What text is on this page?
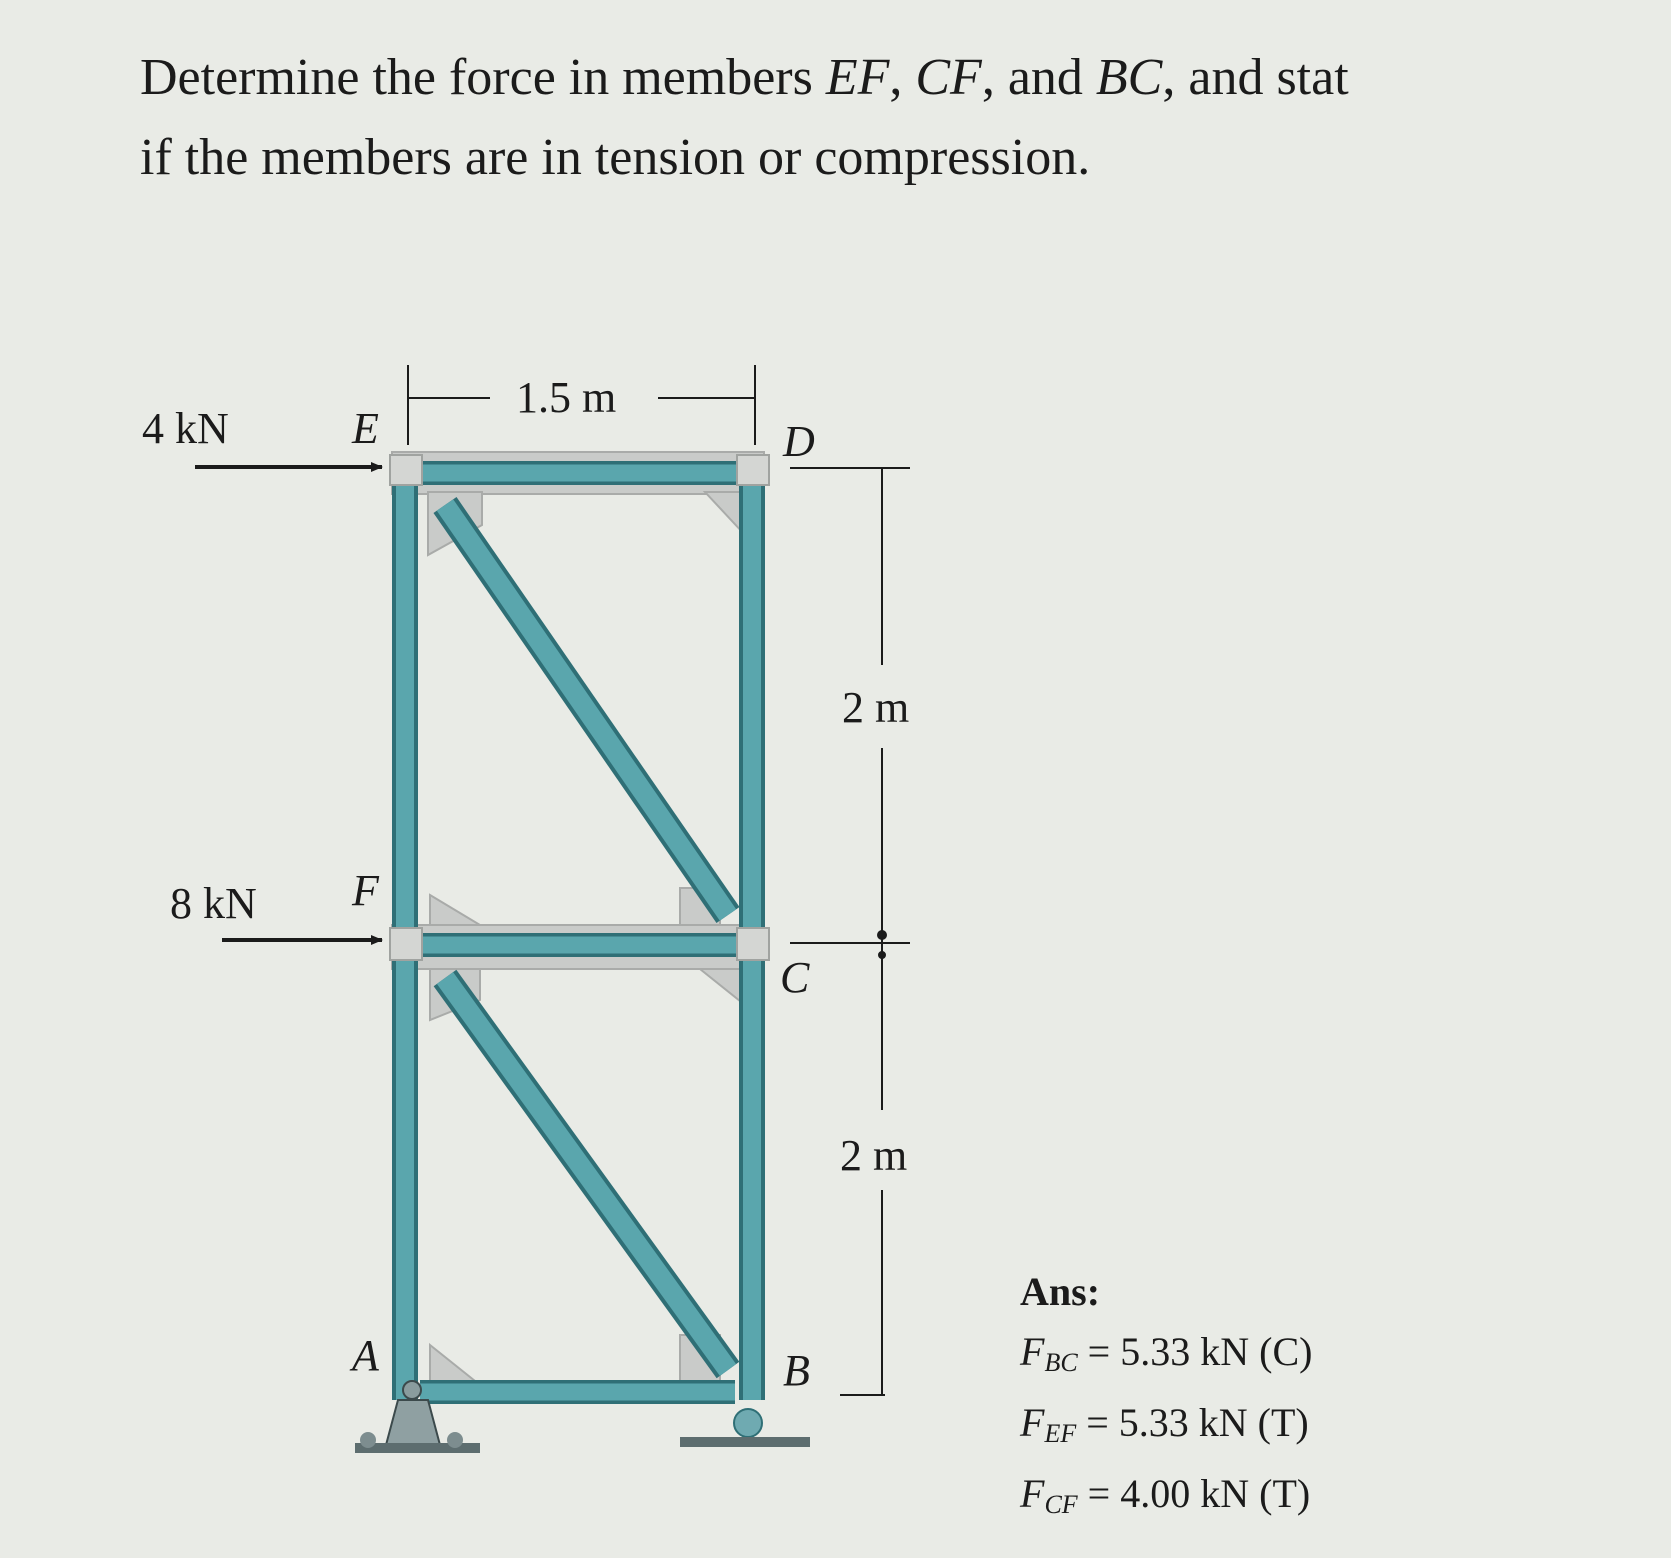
Determine the force in members EF, CF, and BC, and stat

if the members are in tension or compression.

4 kN
8 kN
E	D
F
C
A	B
1.5 m
2 m
2 m
Ans:
$F_{BC} = 5.33$ kN (C)
$F_{EF} = 5.33$ kN (T)
$F_{CF} = 4.00$ kN (T)
